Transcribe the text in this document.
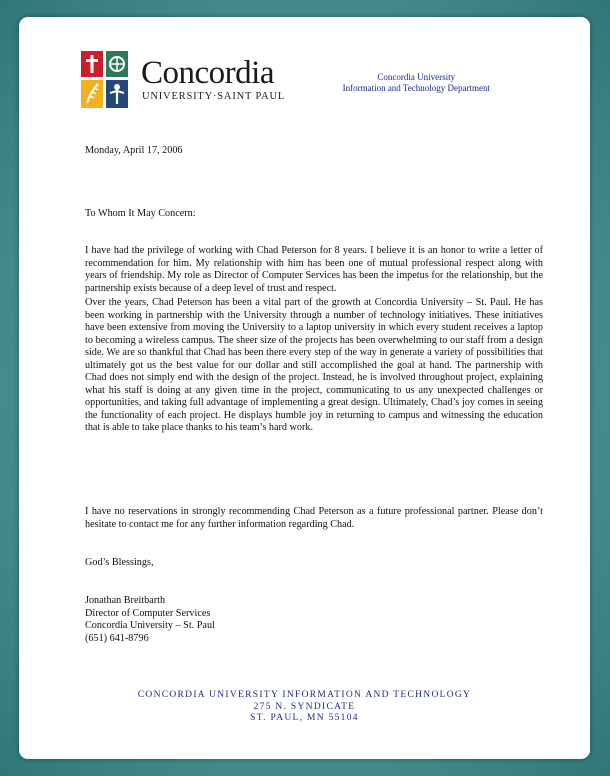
Concordia
UNIVERSITY·SAINT PAUL
Concordia University
Information and Technology Department
Monday, April 17, 2006
To Whom It May Concern:

I have had the privilege of working with Chad Peterson for 8 years. I believe it is an honor to write a letter of recommendation for him. My relationship with him has been one of mutual professional respect along with years of friendship. My role as Director of Computer Services has been the impetus for the relationship, but the partnership exists because of a deep level of trust and respect.

Over the years, Chad Peterson has been a vital part of the growth at Concordia University – St. Paul. He has been working in partnership with the University through a number of technology initiatives. These initiatives have been extensive from moving the University to a laptop university in which every student receives a laptop to becoming a wireless campus. The sheer size of the projects has been overwhelming to our staff from a design side. We are so thankful that Chad has been there every step of the way in generate a variety of possibilities that ultimately got us the best value for our dollar and still accomplished the goal at hand. The partnership with Chad does not simply end with the design of the project. Instead, he is involved throughout project, explaining what his staff is doing at any given time in the project, communicating to us any unexpected challenges or opportunities, and taking full advantage of implementing a great design. Ultimately, Chad’s joy comes in seeing the functionality of each project. He displays humble joy in returning to campus and witnessing the education that is able to take place thanks to his team’s hard work.

I have no reservations in strongly recommending Chad Peterson as a future professional partner. Please don’t hesitate to contact me for any further information regarding Chad.

God’s Blessings,
Jonathan Breitbarth
Director of Computer Services
Concordia University – St. Paul
(651) 641-8796
CONCORDIA UNIVERSITY INFORMATION AND TECHNOLOGY
275 N. SYNDICATE
ST. PAUL, MN 55104
